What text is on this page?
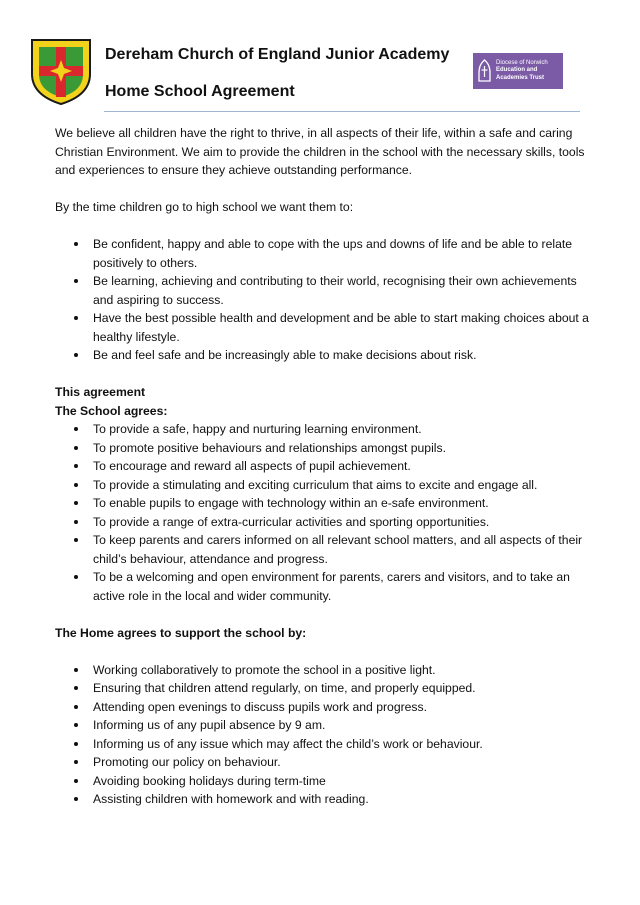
Dereham Church of England Junior Academy
Home School Agreement
Diocese of Norwich
Education and
Academies Trust

We believe all children have the right to thrive, in all aspects of their life, within a safe and caring Christian Environment. We aim to provide the children in the school with the necessary skills, tools and experiences to ensure they achieve outstanding performance.

By the time children go to high school we want them to:

Be confident, happy and able to cope with the ups and downs of life and be able to relate positively to others.
Be learning, achieving and contributing to their world, recognising their own achievements and aspiring to success.
Have the best possible health and development and be able to start making choices about a healthy lifestyle.
Be and feel safe and be increasingly able to make decisions about risk.

This agreement

The School agrees:

To provide a safe, happy and nurturing learning environment.
To promote positive behaviours and relationships amongst pupils.
To encourage and reward all aspects of pupil achievement.
To provide a stimulating and exciting curriculum that aims to excite and engage all.
To enable pupils to engage with technology within an e-safe environment.
To provide a range of extra-curricular activities and sporting opportunities.
To keep parents and carers informed on all relevant school matters, and all aspects of their child’s behaviour, attendance and progress.
To be a welcoming and open environment for parents, carers and visitors, and to take an active role in the local and wider community.

The Home agrees to support the school by:

Working collaboratively to promote the school in a positive light.
Ensuring that children attend regularly, on time, and properly equipped.
Attending open evenings to discuss pupils work and progress.
Informing us of any pupil absence by 9 am.
Informing us of any issue which may affect the child’s work or behaviour.
Promoting our policy on behaviour.
Avoiding booking holidays during term-time
Assisting children with homework and with reading.
